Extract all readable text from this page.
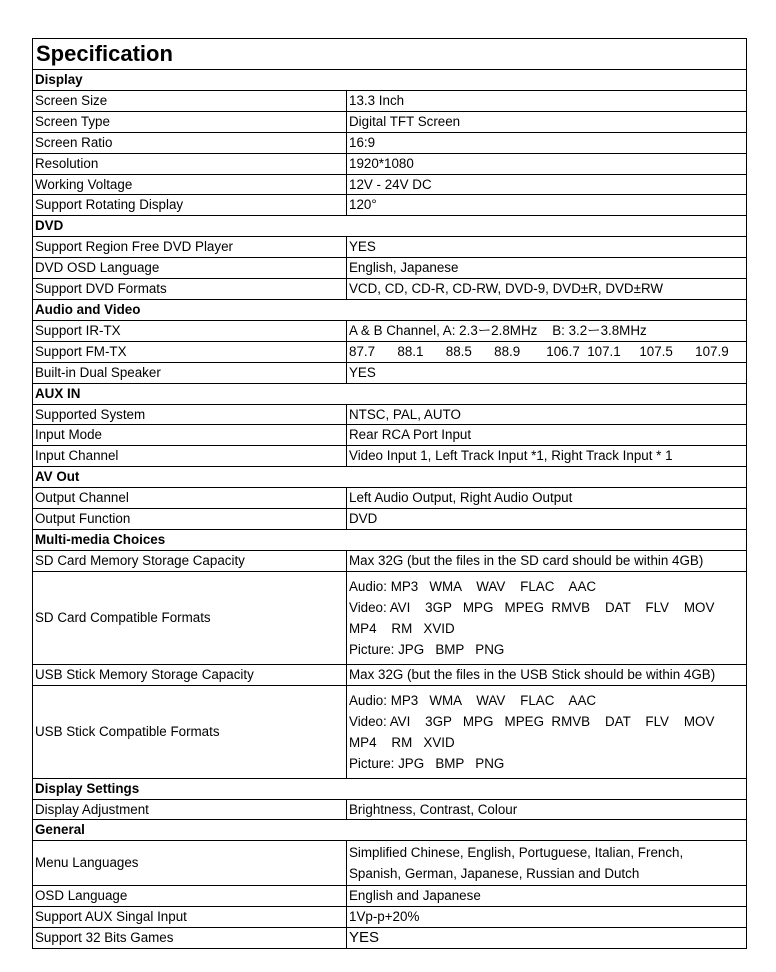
Specification	
Display	
Screen Size	13.3 Inch

Screen Type	Digital TFT Screen

Screen Ratio	16:9

Resolution	1920*1080

Working Voltage	12V - 24V DC

Support Rotating Display	120°

DVD	
Support Region Free DVD Player	YES

DVD OSD Language	English, Japanese

Support DVD Formats	VCD, CD, CD-R, CD-RW, DVD-9, DVD±R, DVD±RW

Audio and Video	
Support IR-TX	A & B Channel, A: 2.3ー2.8MHz    B: 3.2ー3.8MHz

Support FM-TX	87.7      88.1      88.5      88.9       106.7  107.1     107.5      107.9

Built-in Dual Speaker	YES

AUX IN	
Supported System	NTSC, PAL, AUTO

Input Mode	Rear RCA Port Input

Input Channel	Video Input 1, Left Track Input *1, Right Track Input * 1

AV Out	
Output Channel	Left Audio Output, Right Audio Output

Output Function	DVD

Multi-media Choices	
SD Card Memory Storage Capacity	Max 32G (but the files in the SD card should be within 4GB)

SD Card Compatible Formats	Audio: MP3   WMA    WAV    FLAC    AAC
Video: AVI    3GP   MPG   MPEG  RMVB    DAT    FLV    MOV
MP4    RM   XVID
Picture: JPG   BMP   PNG

USB Stick Memory Storage Capacity	Max 32G (but the files in the USB Stick should be within 4GB)

USB Stick Compatible Formats	Audio: MP3   WMA    WAV    FLAC    AAC
Video: AVI    3GP   MPG   MPEG  RMVB    DAT    FLV    MOV
MP4    RM   XVID
Picture: JPG   BMP   PNG

Display Settings	
Display Adjustment	Brightness, Contrast, Colour

General	
Menu Languages	Simplified Chinese, English, Portuguese, Italian, French,
Spanish, German, Japanese, Russian and Dutch

OSD Language	English and Japanese

Support AUX Singal Input	1Vp-p+20%

Support 32 Bits Games	YES
